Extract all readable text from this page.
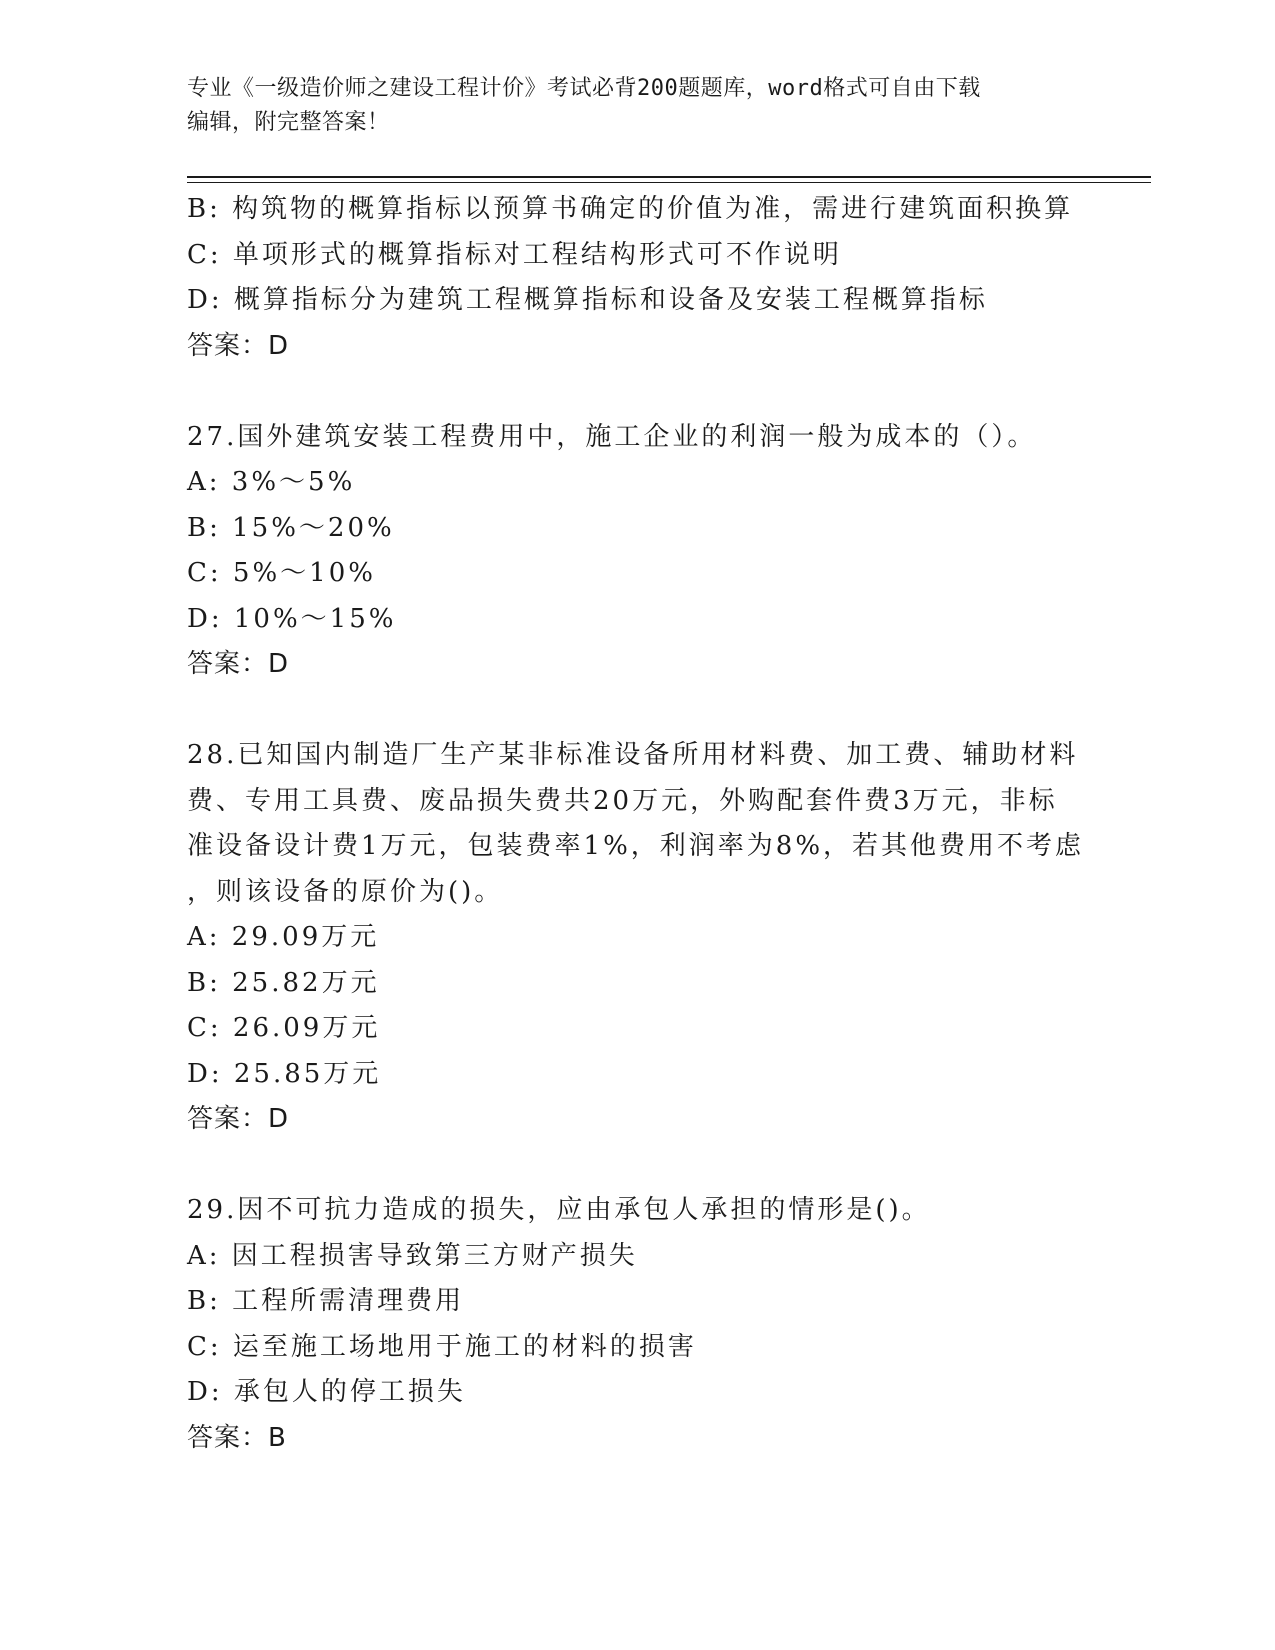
专业《一级造价师之建设工程计价》考试必背200题题库，word格式可自由下载
编辑，附完整答案！
B: 构筑物的概算指标以预算书确定的价值为准，需进行建筑面积换算
C: 单项形式的概算指标对工程结构形式可不作说明
D: 概算指标分为建筑工程概算指标和设备及安装工程概算指标
答案：D
27.国外建筑安装工程费用中，施工企业的利润一般为成本的（）。
A: 3%～5%
B: 15%～20%
C: 5%～10%
D: 10%～15%
答案：D
28.已知国内制造厂生产某非标准设备所用材料费、加工费、辅助材料
费、专用工具费、废品损失费共20万元，外购配套件费3万元，非标
准设备设计费1万元，包装费率1%，利润率为8%，若其他费用不考虑
，则该设备的原价为()。
A: 29.09万元
B: 25.82万元
C: 26.09万元
D: 25.85万元
答案：D
29.因不可抗力造成的损失，应由承包人承担的情形是()。
A: 因工程损害导致第三方财产损失
B: 工程所需清理费用
C: 运至施工场地用于施工的材料的损害
D: 承包人的停工损失
答案：B
